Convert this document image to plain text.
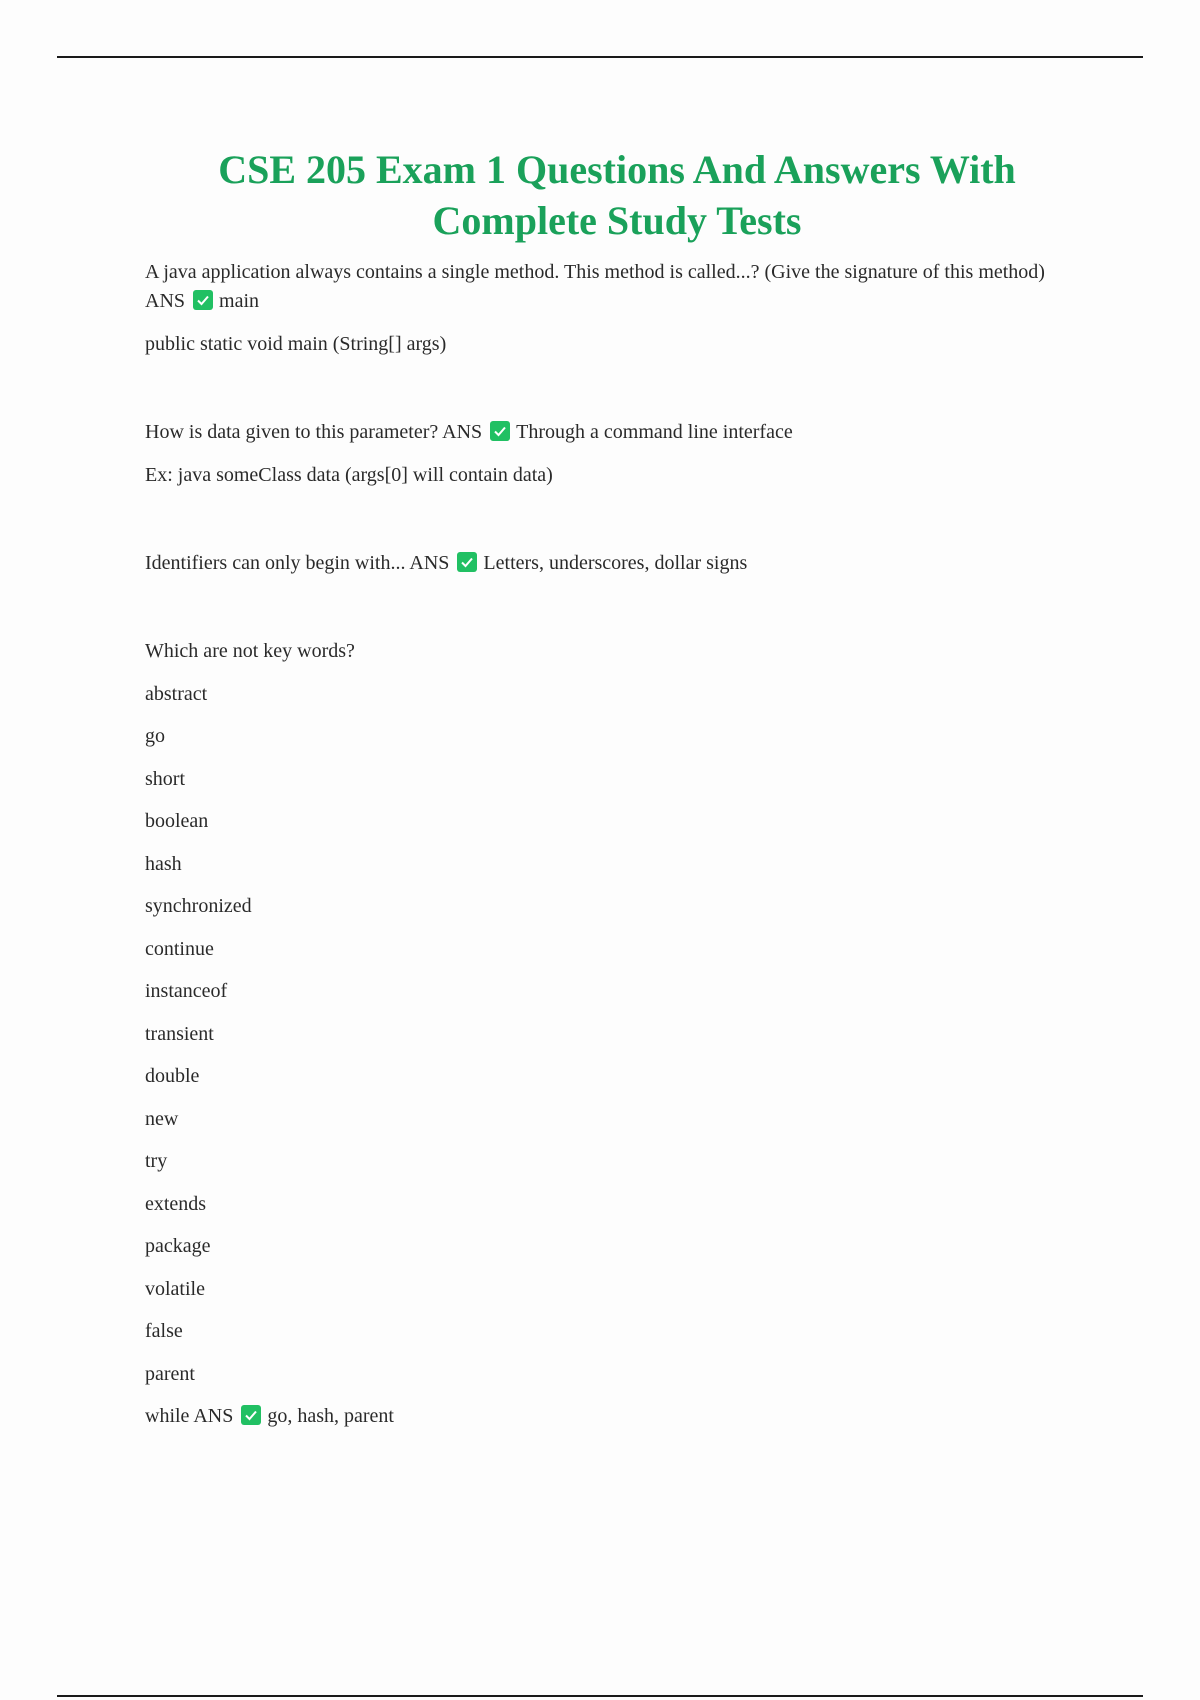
CSE 205 Exam 1 Questions And Answers With Complete Study Tests

A java application always contains a single method. This method is called...? (Give the signature of this method) ANS main

public static void main (String[] args)

How is data given to this parameter? ANS Through a command line interface

Ex: java someClass data (args[0] will contain data)

Identifiers can only begin with... ANS Letters, underscores, dollar signs

Which are not key words?

abstract

go

short

boolean

hash

synchronized

continue

instanceof

transient

double

new

try

extends

package

volatile

false

parent

while ANS go, hash, parent
